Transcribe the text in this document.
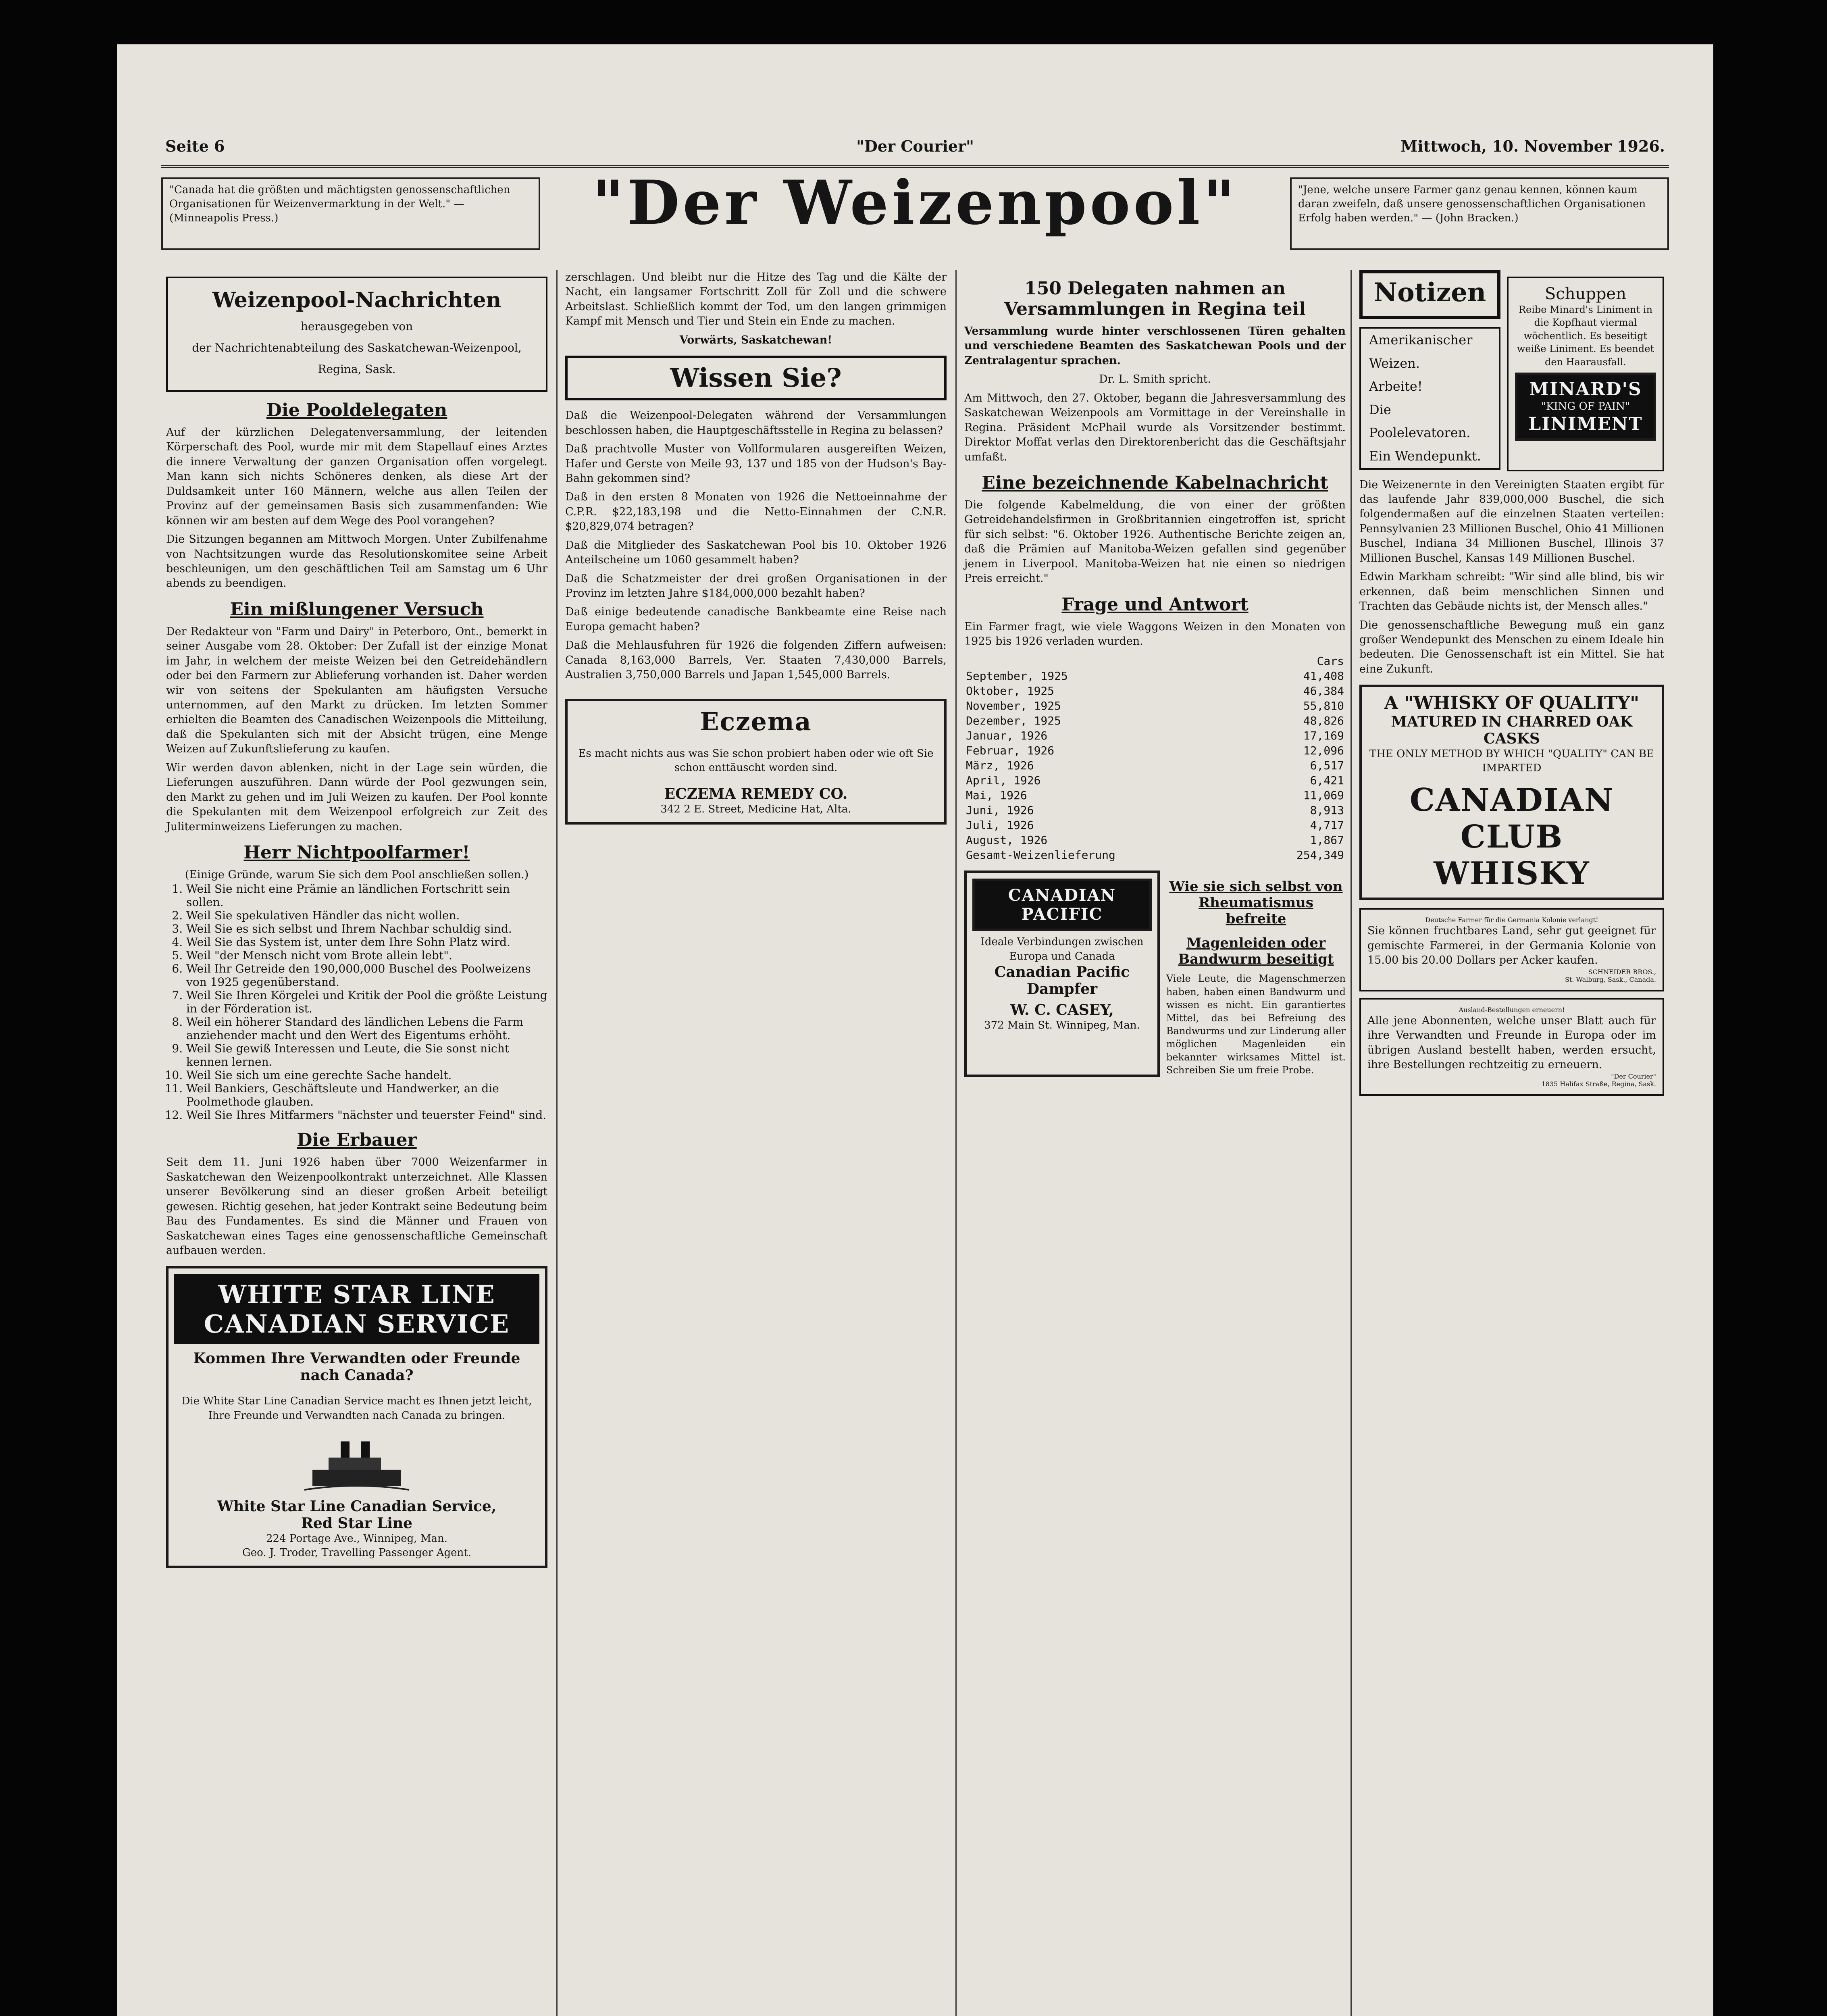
Seite 6	"Der Courier"	Mittwoch, 10. November 1926.
"Canada hat die größten und mächtigsten genossenschaftlichen Organisationen für Weizenvermarktung in der Welt." — (Minneapolis Press.)	"Der Weizenpool"	"Jene, welche unsere Farmer ganz genau kennen, können kaum daran zweifeln, daß unsere genossenschaftlichen Organisationen Erfolg haben werden." — (John Bracken.)
Weizenpool-Nachrichten
herausgegeben von
der Nachrichtenabteilung des Saskatchewan-Weizenpool,
Regina, Sask.
Die Pooldelegaten

Auf der kürzlichen Delegatenversammlung, der leitenden Körperschaft des Pool, wurde mir mit dem Stapellauf eines Arztes die innere Verwaltung der ganzen Organisation offen vorgelegt. Man kann sich nichts Schöneres denken, als diese Art der Duldsamkeit unter 160 Männern, welche aus allen Teilen der Provinz auf der gemeinsamen Basis sich zusammenfanden: Wie können wir am besten auf dem Wege des Pool vorangehen?

Die Sitzungen begannen am Mittwoch Morgen. Unter Zubilfenahme von Nachtsitzungen wurde das Resolutionskomitee seine Arbeit beschleunigen, um den geschäftlichen Teil am Samstag um 6 Uhr abends zu beendigen.

Ein mißlungener Versuch

Der Redakteur von "Farm und Dairy" in Peterboro, Ont., bemerkt in seiner Ausgabe vom 28. Oktober: Der Zufall ist der einzige Monat im Jahr, in welchem der meiste Weizen bei den Getreidehändlern oder bei den Farmern zur Ablieferung vorhanden ist. Daher werden wir von seitens der Spekulanten am häufigsten Versuche unternommen, auf den Markt zu drücken. Im letzten Sommer erhielten die Beamten des Canadischen Weizenpools die Mitteilung, daß die Spekulanten sich mit der Absicht trügen, eine Menge Weizen auf Zukunftslieferung zu kaufen.

Wir werden davon ablenken, nicht in der Lage sein würden, die Lieferungen auszuführen. Dann würde der Pool gezwungen sein, den Markt zu gehen und im Juli Weizen zu kaufen. Der Pool konnte die Spekulanten mit dem Weizenpool erfolgreich zur Zeit des Juliterminweizens Lieferungen zu machen.

Herr Nichtpoolfarmer!

(Einige Gründe, warum Sie sich dem Pool anschließen sollen.)

1. Weil Sie nicht eine Prämie an ländlichen Fortschritt sein sollen.
2. Weil Sie spekulativen Händler das nicht wollen.
3. Weil Sie es sich selbst und Ihrem Nachbar schuldig sind.
4. Weil Sie das System ist, unter dem Ihre Sohn Platz wird.
5. Weil "der Mensch nicht vom Brote allein lebt".
6. Weil Ihr Getreide den 190,000,000 Buschel des Poolweizens von 1925 gegenüberstand.
7. Weil Sie Ihren Körgelei und Kritik der Pool die größte Leistung in der Förderation ist.
8. Weil ein höherer Standard des ländlichen Lebens die Farm anziehender macht und den Wert des Eigentums erhöht.
9. Weil Sie gewiß Interessen und Leute, die Sie sonst nicht kennen lernen.
10. Weil Sie sich um eine gerechte Sache handelt.
11. Weil Bankiers, Geschäftsleute und Handwerker, an die Poolmethode glauben.
12. Weil Sie Ihres Mitfarmers "nächster und teuerster Feind" sind.
Die Erbauer

Seit dem 11. Juni 1926 haben über 7000 Weizenfarmer in Saskatchewan den Weizenpoolkontrakt unterzeichnet. Alle Klassen unserer Bevölkerung sind an dieser großen Arbeit beteiligt gewesen. Richtig gesehen, hat jeder Kontrakt seine Bedeutung beim Bau des Fundamentes. Es sind die Männer und Frauen von Saskatchewan eines Tages eine genossenschaftliche Gemeinschaft aufbauen werden.

WHITE STAR LINE
CANADIAN SERVICE
Kommen Ihre Verwandten oder Freunde nach Canada?

Die White Star Line Canadian Service macht es Ihnen jetzt leicht, Ihre Freunde und Verwandten nach Canada zu bringen.

White Star Line Canadian Service,
Red Star Line
224 Portage Ave., Winnipeg, Man.
Geo. J. Troder, Travelling Passenger Agent.

zerschlagen. Und bleibt nur die Hitze des Tag und die Kälte der Nacht, ein langsamer Fortschritt Zoll für Zoll und die schwere Arbeitslast. Schließlich kommt der Tod, um den langen grimmigen Kampf mit Mensch und Tier und Stein ein Ende zu machen.

Vorwärts, Saskatchewan!

Wissen Sie?

Daß die Weizenpool-Delegaten während der Versammlungen beschlossen haben, die Hauptgeschäftsstelle in Regina zu belassen?

Daß prachtvolle Muster von Vollformularen ausgereiften Weizen, Hafer und Gerste von Meile 93, 137 und 185 von der Hudson's Bay-Bahn gekommen sind?

Daß in den ersten 8 Monaten von 1926 die Nettoeinnahme der C.P.R. $22,183,198 und die Netto-Einnahmen der C.N.R. $20,829,074 betragen?

Daß die Mitglieder des Saskatchewan Pool bis 10. Oktober 1926 Anteilscheine um 1060 gesammelt haben?

Daß die Schatzmeister der drei großen Organisationen in der Provinz im letzten Jahre $184,000,000 bezahlt haben?

Daß einige bedeutende canadische Bankbeamte eine Reise nach Europa gemacht haben?

Daß die Mehlausfuhren für 1926 die folgenden Ziffern aufweisen: Canada 8,163,000 Barrels, Ver. Staaten 7,430,000 Barrels, Australien 3,750,000 Barrels und Japan 1,545,000 Barrels.

Eczema

Es macht nichts aus was Sie schon probiert haben oder wie oft Sie schon enttäuscht worden sind.

ECZEMA REMEDY CO.
342 2 E. Street, Medicine Hat, Alta.
150 Delegaten nahmen an Versammlungen in Regina teil

Versammlung wurde hinter verschlossenen Türen gehalten und verschiedene Beamten des Saskatchewan Pools und der Zentralagentur sprachen.

Dr. L. Smith spricht.

Am Mittwoch, den 27. Oktober, begann die Jahresversammlung des Saskatchewan Weizenpools am Vormittage in der Vereinshalle in Regina. Präsident McPhail wurde als Vorsitzender bestimmt. Direktor Moffat verlas den Direktorenbericht das die Geschäftsjahr umfaßt.

Eine bezeichnende Kabelnachricht

Die folgende Kabelmeldung, die von einer der größten Getreidehandelsfirmen in Großbritannien eingetroffen ist, spricht für sich selbst: "6. Oktober 1926. Authentische Berichte zeigen an, daß die Prämien auf Manitoba-Weizen gefallen sind gegenüber jenem in Liverpool. Manitoba-Weizen hat nie einen so niedrigen Preis erreicht."

Frage und Antwort

Ein Farmer fragt, wie viele Waggons Weizen in den Monaten von 1925 bis 1926 verladen wurden.

	Cars
September, 1925	41,408
Oktober, 1925	46,384
November, 1925	55,810
Dezember, 1925	48,826
Januar, 1926	17,169
Februar, 1926	12,096
März, 1926	6,517
April, 1926	6,421
Mai, 1926	11,069
Juni, 1926	8,913
Juli, 1926	4,717
August, 1926	1,867
Gesamt-Weizenlieferung	254,349
CANADIAN PACIFIC
Ideale Verbindungen zwischen Europa und Canada
Canadian Pacific Dampfer
W. C. CASEY,
372 Main St. Winnipeg, Man.
Wie sie sich selbst von Rheumatismus befreite
Magenleiden oder Bandwurm beseitigt

Viele Leute, die Magenschmerzen haben, haben einen Bandwurm und wissen es nicht. Ein garantiertes Mittel, das bei Befreiung des Bandwurms und zur Linderung aller möglichen Magenleiden ein bekannter wirksames Mittel ist. Schreiben Sie um freie Probe.

Notizen
Amerikanischer Weizen.
Arbeite!
Die Poolelevatoren.
Ein Wendepunkt.
Schuppen

Reibe Minard's Liniment in die Kopfhaut viermal wöchentlich. Es beseitigt weiße Liniment. Es beendet den Haarausfall.

MINARD'S
"KING OF PAIN"
LINIMENT

Die Weizenernte in den Vereinigten Staaten ergibt für das laufende Jahr 839,000,000 Buschel, die sich folgendermaßen auf die einzelnen Staaten verteilen: Pennsylvanien 23 Millionen Buschel, Ohio 41 Millionen Buschel, Indiana 34 Millionen Buschel, Illinois 37 Millionen Buschel, Kansas 149 Millionen Buschel.

Edwin Markham schreibt: "Wir sind alle blind, bis wir erkennen, daß beim menschlichen Sinnen und Trachten das Gebäude nichts ist, der Mensch alles."

Die genossenschaftliche Bewegung muß ein ganz großer Wendepunkt des Menschen zu einem Ideale hin bedeuten. Die Genossenschaft ist ein Mittel. Sie hat eine Zukunft.

A "WHISKY OF QUALITY"
MATURED IN CHARRED OAK CASKS
THE ONLY METHOD BY WHICH "QUALITY" CAN BE IMPARTED
CANADIAN CLUB
WHISKY
Deutsche Farmer für die Germania Kolonie verlangt!

Sie können fruchtbares Land, sehr gut geeignet für gemischte Farmerei, in der Germania Kolonie von 15.00 bis 20.00 Dollars per Acker kaufen.

SCHNEIDER BROS.,
St. Walburg, Sask., Canada.
Ausland-Bestellungen erneuern!

Alle jene Abonnenten, welche unser Blatt auch für ihre Verwandten und Freunde in Europa oder im übrigen Ausland bestellt haben, werden ersucht, ihre Bestellungen rechtzeitig zu erneuern.

"Der Courier"
1835 Halifax Straße, Regina, Sask.
